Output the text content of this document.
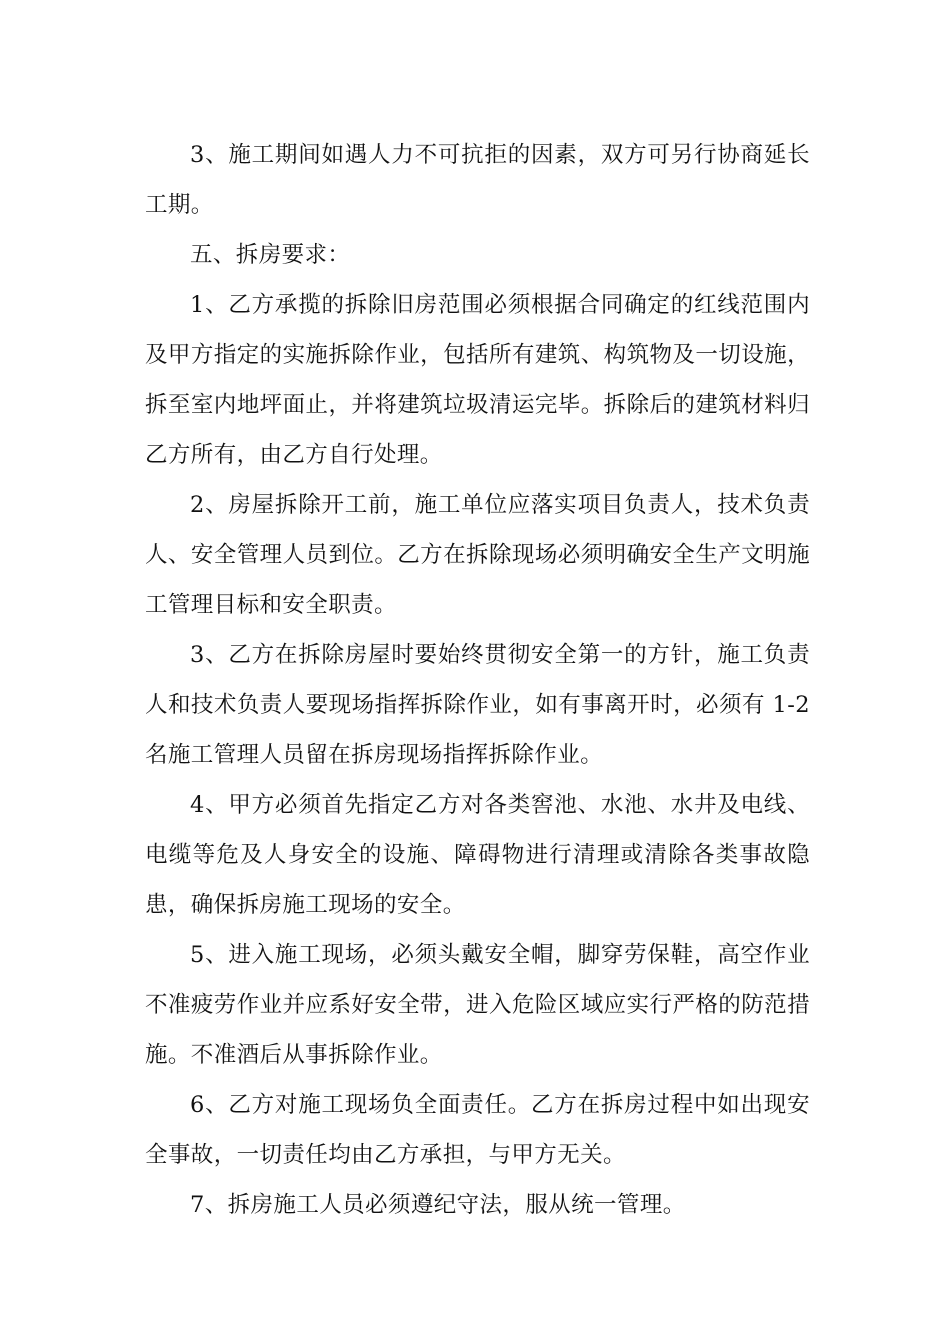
3、施工期间如遇人力不可抗拒的因素，双方可另行协商延长工期。

五、拆房要求：

1、乙方承揽的拆除旧房范围必须根据合同确定的红线范围内及甲方指定的实施拆除作业，包括所有建筑、构筑物及一切设施，拆至室内地坪面止，并将建筑垃圾清运完毕。拆除后的建筑材料归乙方所有，由乙方自行处理。

2、房屋拆除开工前，施工单位应落实项目负责人，技术负责人、安全管理人员到位。乙方在拆除现场必须明确安全生产文明施工管理目标和安全职责。

3、乙方在拆除房屋时要始终贯彻安全第一的方针，施工负责人和技术负责人要现场指挥拆除作业，如有事离开时，必须有 1-2 名施工管理人员留在拆房现场指挥拆除作业。

4、甲方必须首先指定乙方对各类窖池、水池、水井及电线、电缆等危及人身安全的设施、障碍物进行清理或清除各类事故隐患，确保拆房施工现场的安全。

5、进入施工现场，必须头戴安全帽，脚穿劳保鞋，高空作业不准疲劳作业并应系好安全带，进入危险区域应实行严格的防范措施。不准酒后从事拆除作业。

6、乙方对施工现场负全面责任。乙方在拆房过程中如出现安全事故，一切责任均由乙方承担，与甲方无关。

7、拆房施工人员必须遵纪守法，服从统一管理。
